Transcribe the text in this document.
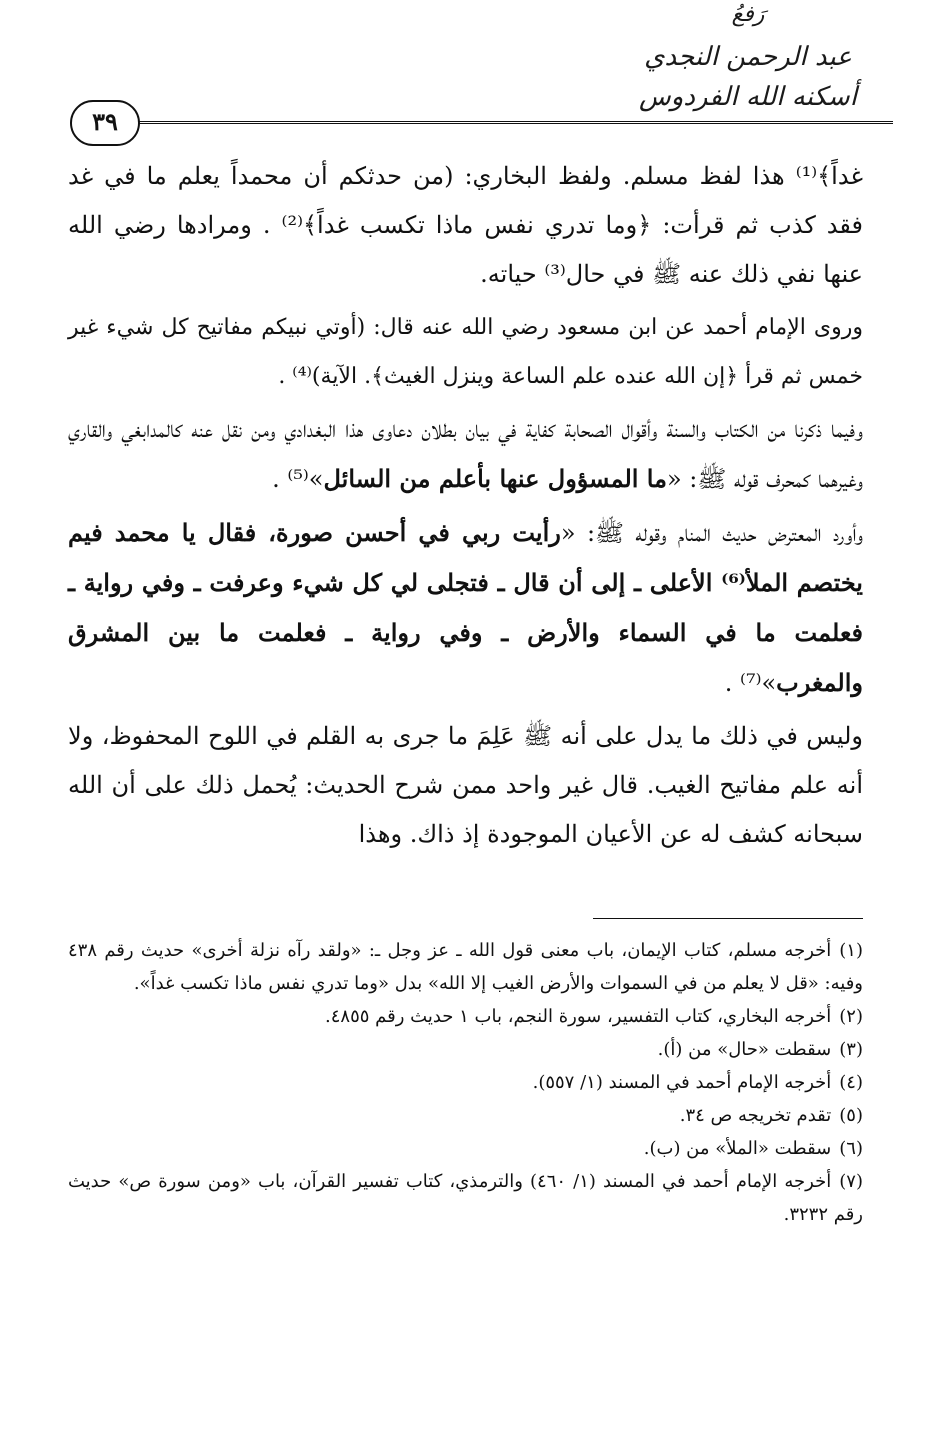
رَفعُ
عبد الرحمن النجدي
أسكنه الله الفردوس
٣٩

غداً﴾⁽¹⁾ هذا لفظ مسلم. ولفظ البخاري: (من حدثكم أن محمداً يعلم ما في غد فقد كذب ثم قرأت: ﴿وما تدري نفس ماذا تكسب غداً﴾⁽²⁾ . ومرادها رضي الله عنها نفي ذلك عنه ﷺ في حال⁽³⁾ حياته.

وروى الإمام أحمد عن ابن مسعود رضي الله عنه قال: (أوتي نبيكم مفاتيح كل شيء غير خمس ثم قرأ ﴿إن الله عنده علم الساعة وينزل الغيث﴾. الآية)⁽⁴⁾ .

وفيما ذكرنا من الكتاب والسنة وأقوال الصحابة كفاية في بيان بطلان دعاوى هذا البغدادي ومن نقل عنه كالمدابغي والقاري وغيرهما كمحرف قوله ﷺ: «ما المسؤول عنها بأعلم من السائل»⁽⁵⁾ .

وأورد المعترض حديث المنام وقوله ﷺ: «رأيت ربي في أحسن صورة، فقال يا محمد فيم يختصم الملأ⁽⁶⁾ الأعلى ـ إلى أن قال ـ فتجلى لي كل شيء وعرفت ـ وفي رواية ـ فعلمت ما في السماء والأرض ـ وفي رواية ـ فعلمت ما بين المشرق والمغرب»⁽⁷⁾ .

وليس في ذلك ما يدل على أنه ﷺ عَلِمَ ما جرى به القلم في اللوح المحفوظ، ولا أنه علم مفاتيح الغيب. قال غير واحد ممن شرح الحديث: يُحمل ذلك على أن الله سبحانه كشف له عن الأعيان الموجودة إذ ذاك. وهذا

(١)أخرجه مسلم، كتاب الإيمان، باب معنى قول الله ـ عز وجل ـ: «ولقد رآه نزلة أخرى» حديث رقم ٤٣٨ وفيه: «قل لا يعلم من في السموات والأرض الغيب إلا الله» بدل «وما تدري نفس ماذا تكسب غداً».

(٢)أخرجه البخاري، كتاب التفسير، سورة النجم، باب ١ حديث رقم ٤٨٥٥.

(٣)سقطت «حال» من (أ).

(٤)أخرجه الإمام أحمد في المسند (١/ ٥٥٧).

(٥)تقدم تخريجه ص ٣٤.

(٦)سقطت «الملأ» من (ب).

(٧)أخرجه الإمام أحمد في المسند (١/ ٤٦٠) والترمذي، كتاب تفسير القرآن، باب «ومن سورة ص» حديث رقم ٣٢٣٢.
